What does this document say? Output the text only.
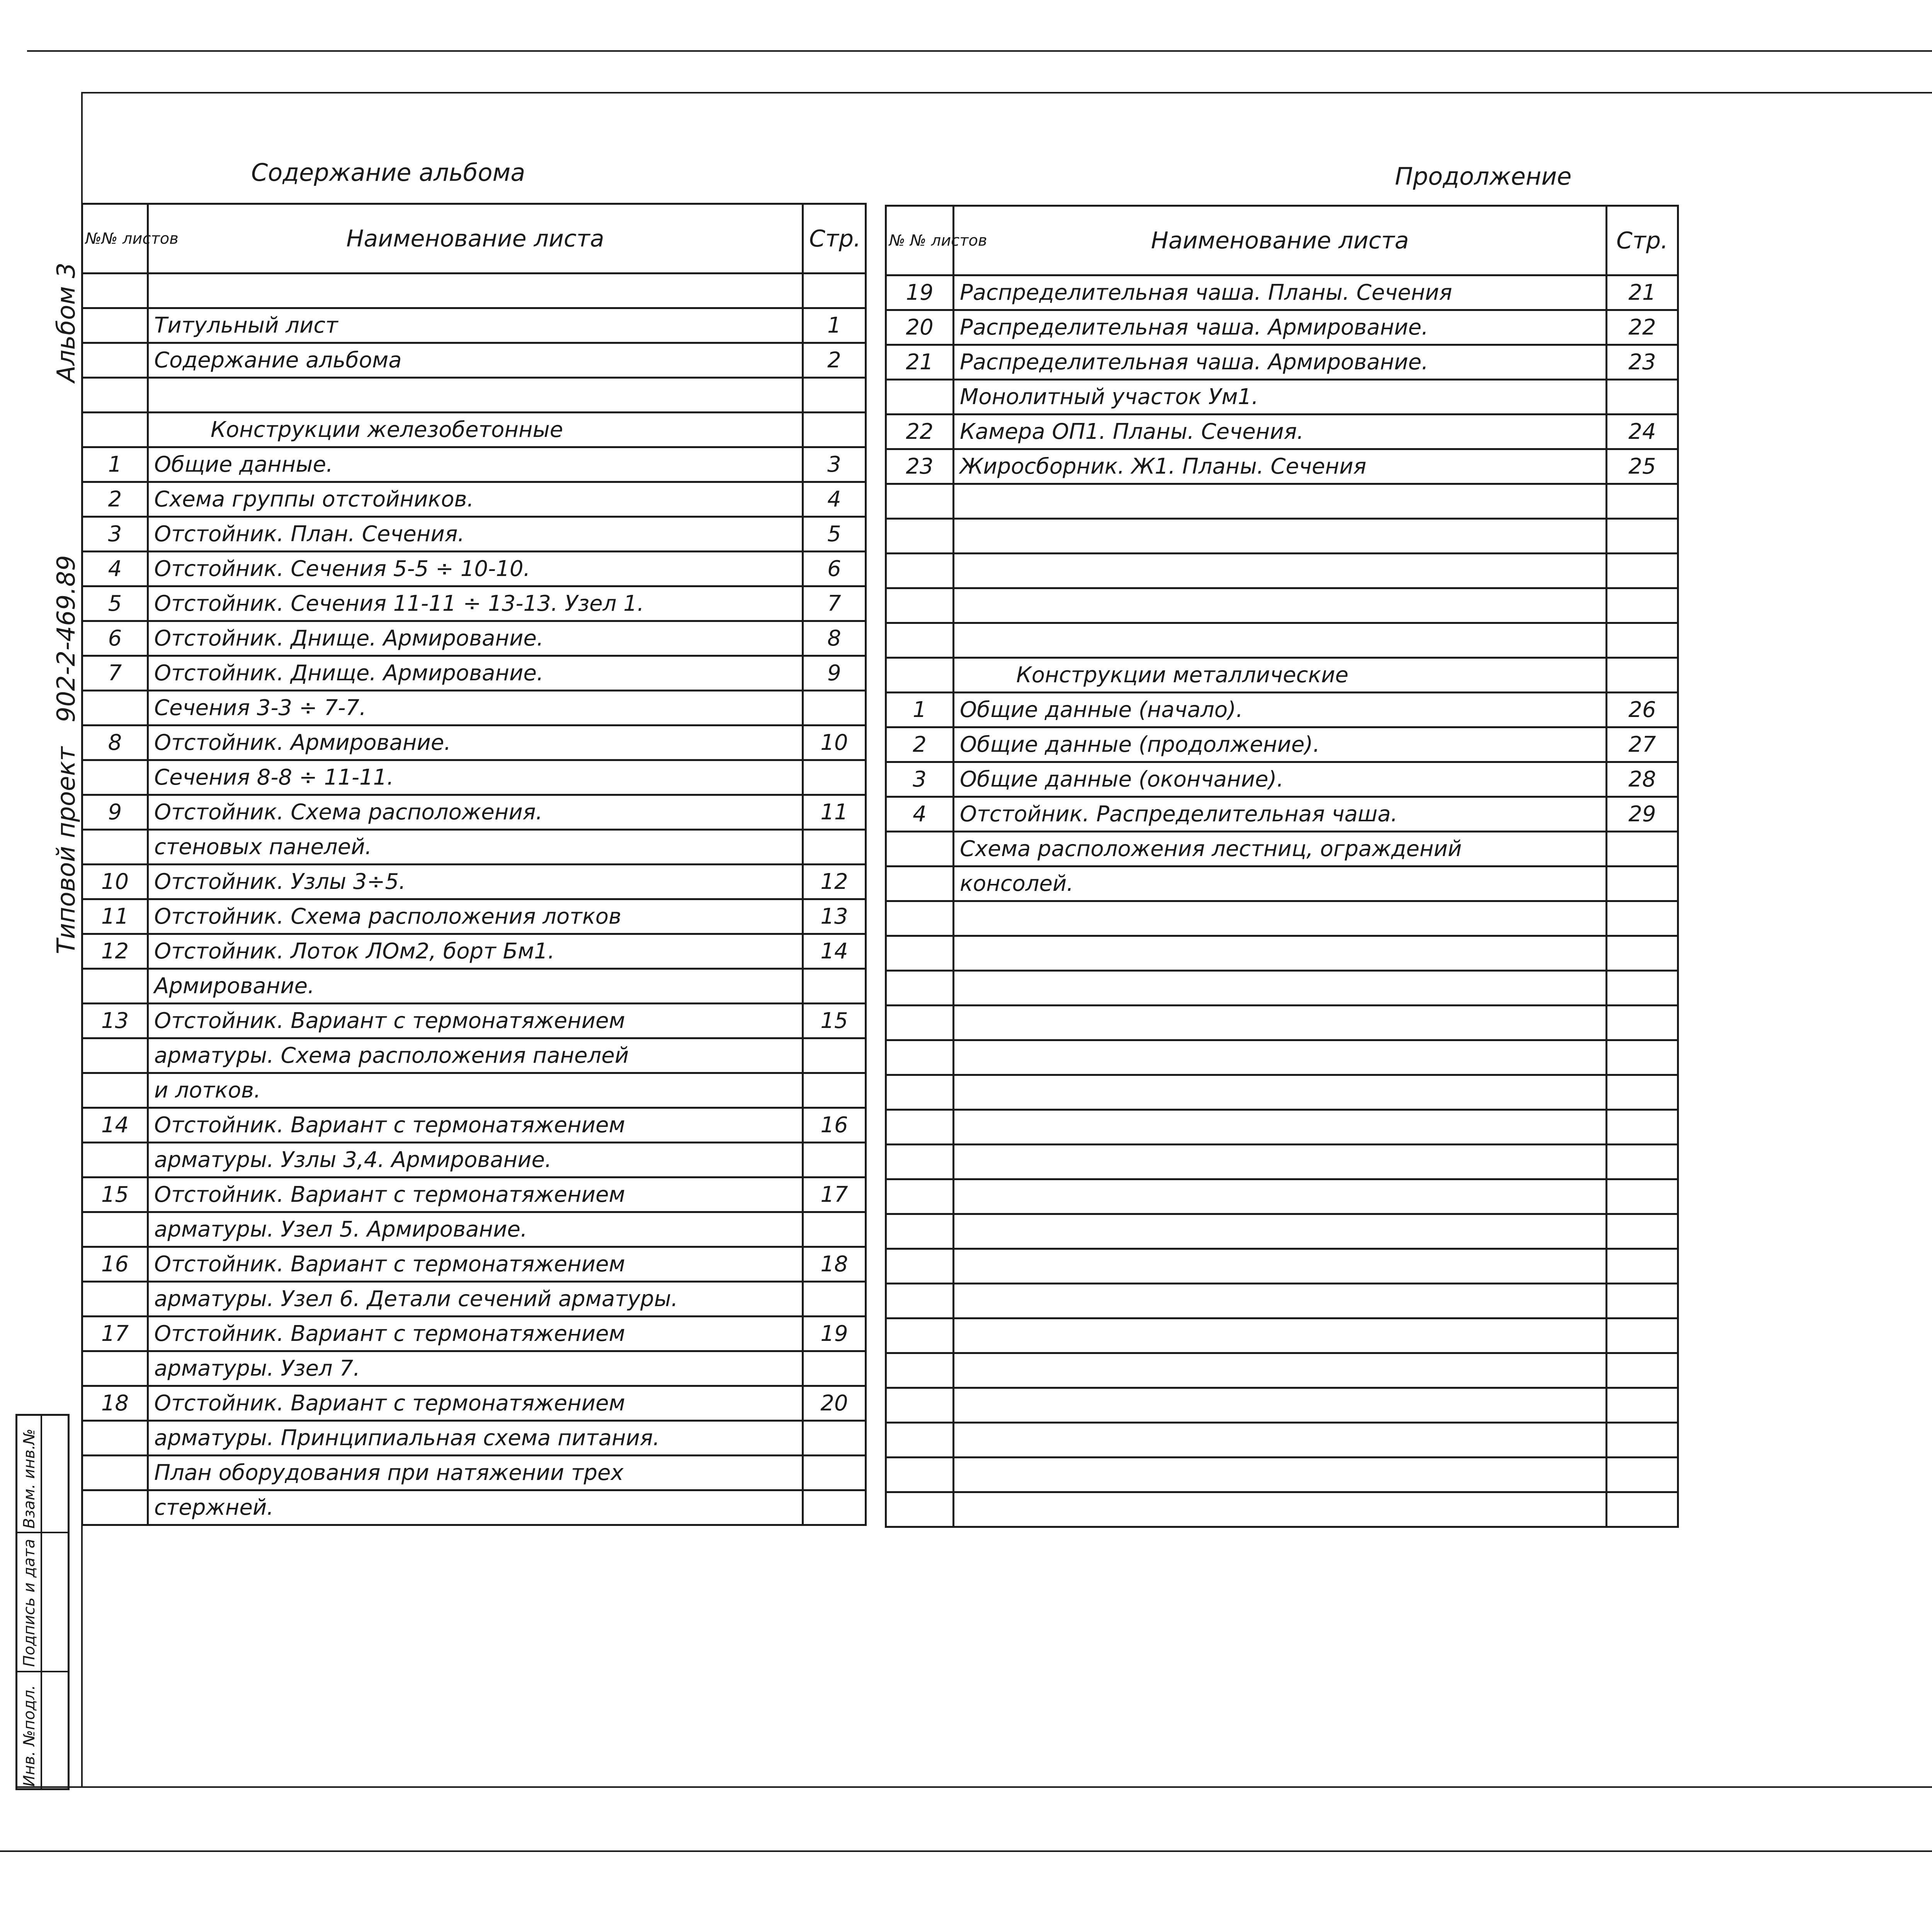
Содержание альбома	Продолжение
№№ листов	Наименование листа	Стр.

	Титульный лист	1
	Содержание альбома	2

	Конструкции железобетонные	
1	Общие данные.	3
2	Схема группы отстойников.	4
3	Отстойник. План. Сечения.	5
4	Отстойник. Сечения 5-5 ÷ 10-10.	6
5	Отстойник. Сечения 11-11 ÷ 13-13. Узел 1.	7
6	Отстойник. Днище. Армирование.	8
7	Отстойник. Днище. Армирование.	9
	Сечения 3-3 ÷ 7-7.	
8	Отстойник. Армирование.	10
	Сечения 8-8 ÷ 11-11.	
9	Отстойник. Схема расположения.	11
	стеновых панелей.	
10	Отстойник. Узлы 3÷5.	12
11	Отстойник. Схема расположения лотков	13
12	Отстойник. Лоток ЛОм2, борт Бм1.	14
	Армирование.	
13	Отстойник. Вариант с термонатяжением	15
	арматуры. Схема расположения панелей	
	и лотков.	
14	Отстойник. Вариант с термонатяжением	16
	арматуры. Узлы 3,4. Армирование.	
15	Отстойник. Вариант с термонатяжением	17
	арматуры. Узел 5. Армирование.	
16	Отстойник. Вариант с термонатяжением	18
	арматуры. Узел 6. Детали сечений арматуры.	
17	Отстойник. Вариант с термонатяжением	19
	арматуры. Узел 7.	
18	Отстойник. Вариант с термонатяжением	20
	арматуры. Принципиальная схема питания.	
	План оборудования при натяжении трех	
	стержней.	
№ № листов	Наименование листа	Стр.
19	Распределительная чаша. Планы. Сечения	21
20	Распределительная чаша. Армирование.	22
21	Распределительная чаша. Армирование.	23
	Монолитный участок Ум1.	
22	Камера ОП1. Планы. Сечения.	24
23	Жиросборник. Ж1. Планы. Сечения	25

	Конструкции металлические	
1	Общие данные (начало).	26
2	Общие данные (продолжение).	27
3	Общие данные (окончание).	28
4	Отстойник. Распределительная чаша.	29
	Схема расположения лестниц, ограждений	
	консолей.	

Альбом 3
902-2-469.89
Типовой проект
Инв. №подл.
Подпись и дата
Взам. инв.№
